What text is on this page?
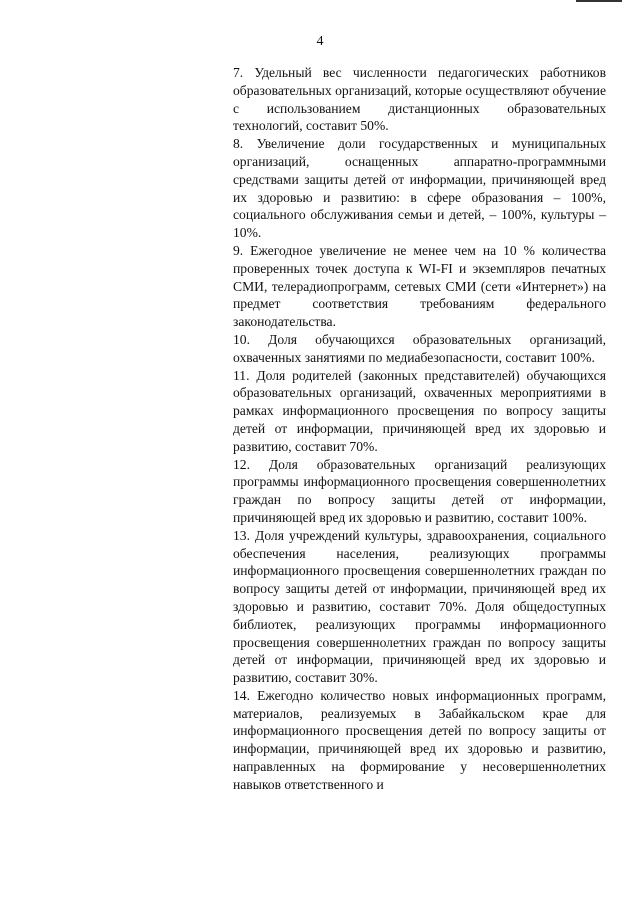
4

7. Удельный вес численности педагогических работников образовательных организаций, которые осуществляют обучение с использованием дистанционных образовательных технологий, составит 50%.

8. Увеличение доли государственных и муниципальных организаций, оснащенных аппаратно-программными средствами защиты детей от информации, причиняющей вред их здоровью и развитию: в сфере образования – 100%, социального обслуживания семьи и детей, – 100%, культуры – 10%.

9. Ежегодное увеличение не менее чем на 10 % количества проверенных точек доступа к WI-FI и экземпляров печатных СМИ, телерадиопрограмм, сетевых СМИ (сети «Интернет») на предмет соответствия требованиям федерального законодательства.

10. Доля обучающихся образовательных организаций, охваченных занятиями по медиабезопасности, составит 100%.

11. Доля родителей (законных представителей) обучающихся образовательных организаций, охваченных мероприятиями в рамках информационного просвещения по вопросу защиты детей от информации, причиняющей вред их здоровью и развитию, составит 70%.

12. Доля образовательных организаций реализующих программы информационного просвещения совершеннолетних граждан по вопросу защиты детей от информации, причиняющей вред их здоровью и развитию, составит 100%.

13. Доля учреждений культуры, здравоохранения, социального обеспечения населения, реализующих программы информационного просвещения совершеннолетних граждан по вопросу защиты детей от информации, причиняющей вред их здоровью и развитию, составит 70%. Доля общедоступных библиотек, реализующих программы информационного просвещения совершеннолетних граждан по вопросу защиты детей от информации, причиняющей вред их здоровью и развитию, составит 30%.

14. Ежегодно количество новых информационных программ, материалов, реализуемых в Забайкальском крае для информационного просвещения детей по вопросу защиты от информации, причиняющей вред их здоровью и развитию, направленных на формирование у несовершеннолетних навыков ответственного и
